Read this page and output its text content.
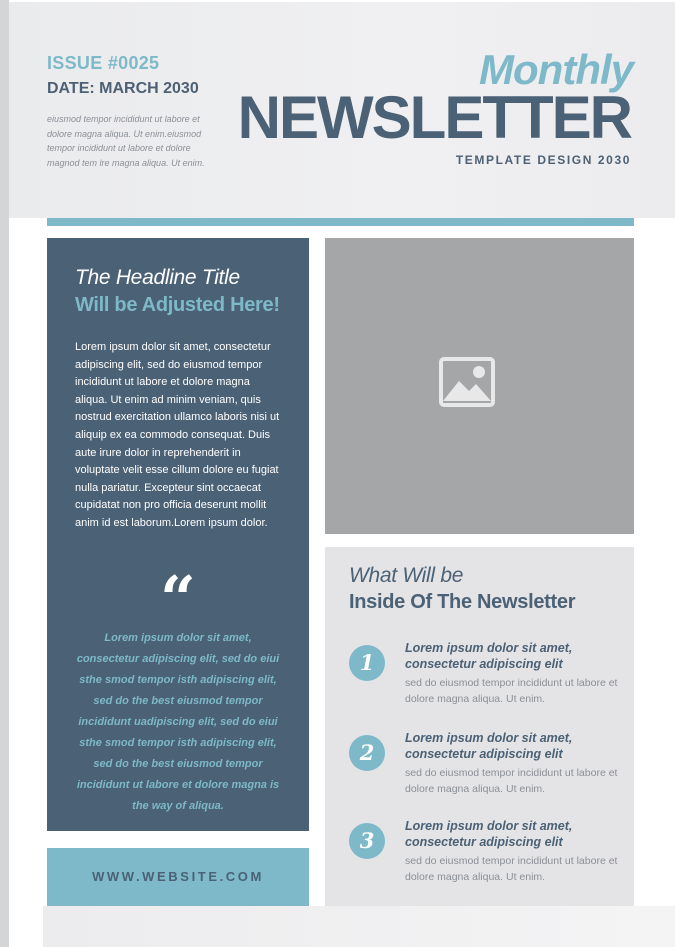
ISSUE #0025
DATE: MARCH 2030
eiusmod tempor incididunt ut labore et dolore magna aliqua. Ut enim.eiusmod tempor incididunt ut labore et dolore magnod tem lre magna aliqua. Ut enim.
Monthly
NEWSLETTER
TEMPLATE DESIGN 2030
The Headline Title
Will be Adjusted Here!
Lorem ipsum dolor sit amet, consectetur adipiscing elit, sed do eiusmod tempor incididunt ut labore et dolore magna aliqua. Ut enim ad minim veniam, quis nostrud exercitation ullamco laboris nisi ut aliquip ex ea commodo consequat. Duis aute irure dolor in reprehenderit in voluptate velit esse cillum dolore eu fugiat nulla pariatur. Excepteur sint occaecat cupidatat non pro officia deserunt mollit anim id est laborum.Lorem ipsum dolor.
“
Lorem ipsum dolor sit amet, consectetur adipiscing elit, sed do eiui sthe smod tempor isth adipiscing elit, sed do the best eiusmod tempor incididunt uadipiscing elit, sed do eiui sthe smod tempor isth adipiscing elit, sed do the best eiusmod tempor incididunt ut labore et dolore magna is the way of aliqua.
WWW.WEBSITE.COM
What Will be
Inside Of The Newsletter
1
Lorem ipsum dolor sit amet, consectetur adipiscing elit
sed do eiusmod tempor incididunt ut labore et dolore magna aliqua. Ut enim.
2
Lorem ipsum dolor sit amet, consectetur adipiscing elit
sed do eiusmod tempor incididunt ut labore et dolore magna aliqua. Ut enim.
3
Lorem ipsum dolor sit amet, consectetur adipiscing elit
sed do eiusmod tempor incididunt ut labore et dolore magna aliqua. Ut enim.
